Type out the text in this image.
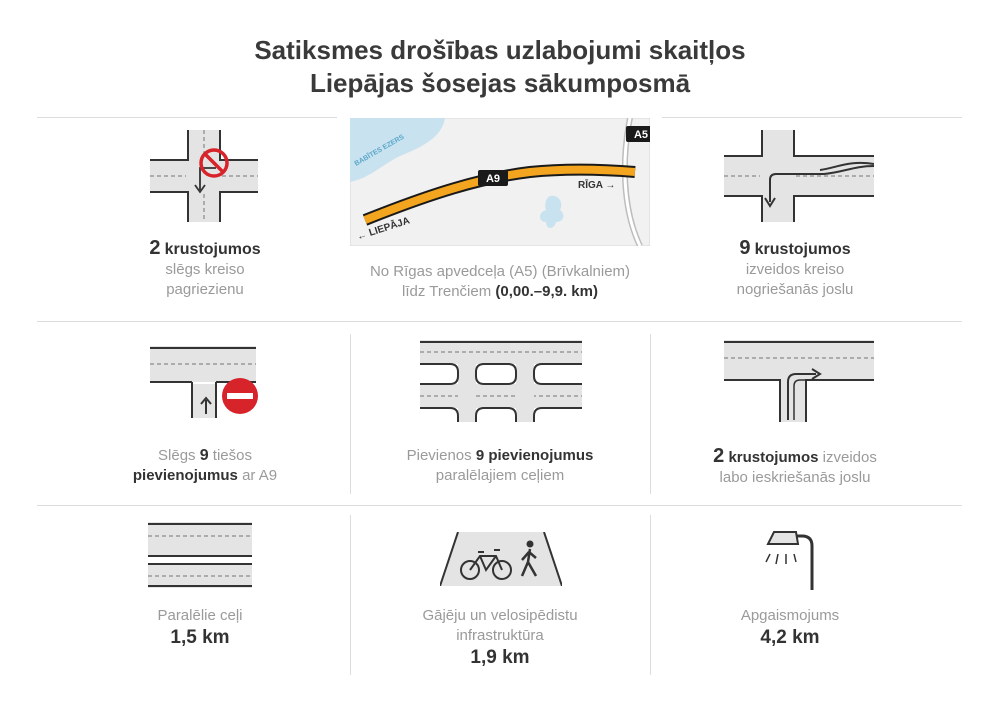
Satiksmes drošības uzlabojumi skaitļos
Liepājas šosejas sākumposmā
2 krustojumos
slēgs kreiso
pagriezienu
A9
A5
RĪGA →
← LIEPĀJA
BABĪTES EZERS
No Rīgas apvedceļa (A5) (Brīvkalniem)
līdz Trenčiem (0,00.–9,9. km)
9 krustojumos
izveidos kreiso
nogriešanās joslu
Slēgs 9 tiešos
pievienojumus ar A9
Pievienos 9 pievienojumus
paralēlajiem ceļiem
2 krustojumos izveidos
labo ieskriešanās joslu
Paralēlie ceļi
1,5 km
Gājēju un velosipēdistu
infrastruktūra
1,9 km
Apgaismojums
4,2 km
